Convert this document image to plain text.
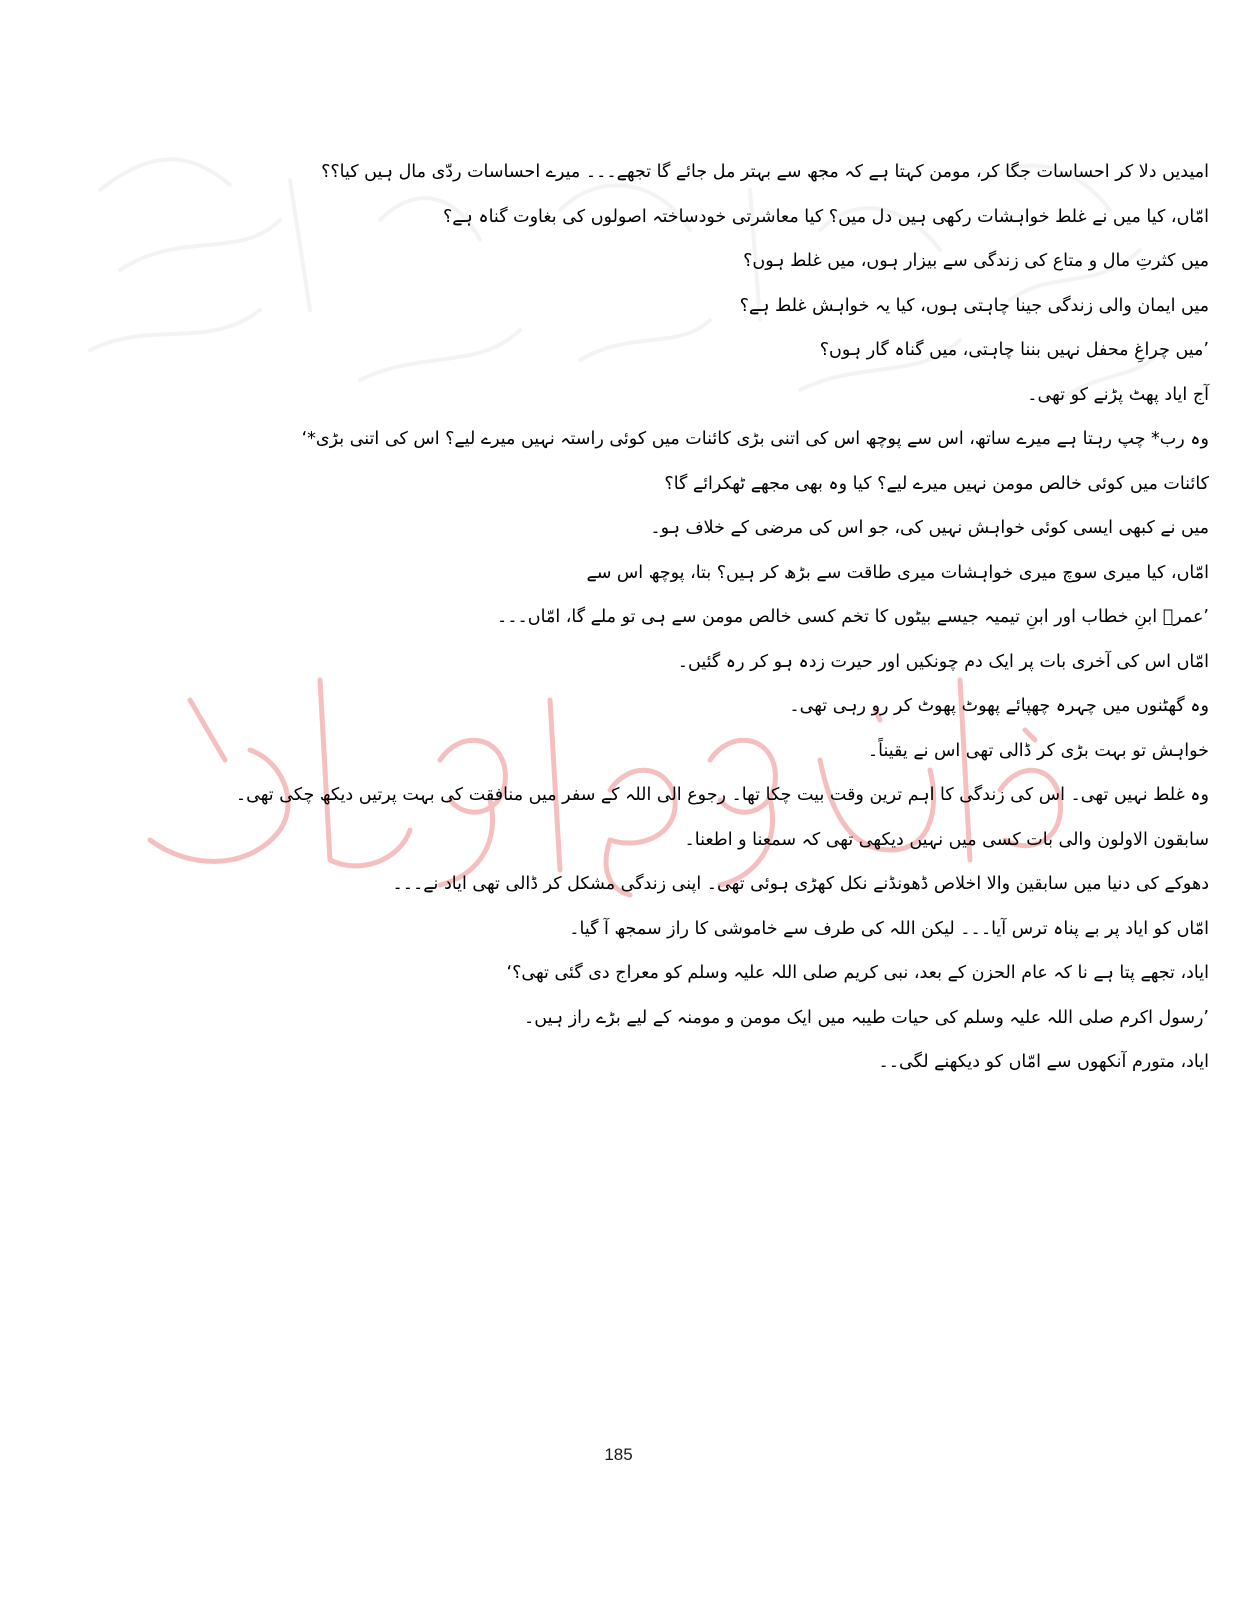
امیدیں دلا کر احساسات جگا کر، مومن کہتا ہے کہ مجھ سے بہتر مل جائے گا تجھے۔۔۔ میرے احساسات ردّی مال ہیں کیا؟؟
امّاں، کیا میں نے غلط خواہشات رکھی ہیں دل میں؟ کیا معاشرتی خودساختہ اصولوں کی بغاوت گناہ ہے؟
میں کثرتِ مال و متاع کی زندگی سے بیزار ہوں، میں غلط ہوں؟
میں ایمان والی زندگی جینا چاہتی ہوں، کیا یہ خواہش غلط ہے؟
’میں چراغِ محفل نہیں بننا چاہتی، میں گناہ گار ہوں؟
آج ایاد پھٹ پڑنے کو تھی۔
وہ رب* چپ رہتا ہے میرے ساتھ، اس سے پوچھ اس کی اتنی بڑی کائنات میں کوئی راستہ نہیں میرے لیے؟ اس کی اتنی بڑی*‘
کائنات میں کوئی خالص مومن نہیں میرے لیے؟ کیا وہ بھی مجھے ٹھکرائے گا؟
میں نے کبھی ایسی کوئی خواہش نہیں کی، جو اس کی مرضی کے خلاف ہو۔
امّاں، کیا میری سوچ میری خواہشات میری طاقت سے بڑھ کر ہیں؟ بتا، پوچھ اس سے
’عمرؓ ابنِ خطاب اور ابنِ تیمیہ جیسے بیٹوں کا تخم کسی خالص مومن سے ہی تو ملے گا، امّاں۔۔۔
امّاں اس کی آخری بات پر ایک دم چونکیں اور حیرت زدہ ہو کر رہ گئیں۔
وہ گھٹنوں میں چہرہ چھپائے پھوٹ پھوٹ کر رو رہی تھی۔
خواہش تو بہت بڑی کر ڈالی تھی اس نے یقیناً۔
وہ غلط نہیں تھی۔ اس کی زندگی کا اہم ترین وقت بیت چکا تھا۔ رجوع الی اللہ کے سفر میں منافقت کی بہت پرتیں دیکھ چکی تھی۔
سابقون الاولون والی بات کسی میں نہیں دیکھی تھی کہ سمعنا و اطعنا۔
دھوکے کی دنیا میں سابقین والا اخلاص ڈھونڈنے نکل کھڑی ہوئی تھی۔ اپنی زندگی مشکل کر ڈالی تھی ایاد نے۔۔۔
امّاں کو ایاد پر بے پناہ ترس آیا۔۔۔ لیکن اللہ کی طرف سے خاموشی کا راز سمجھ آ گیا۔
ایاد، تجھے پتا ہے نا کہ عام الحزن کے بعد، نبی کریم صلی اللہ علیہ وسلم کو معراج دی گئی تھی؟‘
’رسول اکرم صلی اللہ علیہ وسلم کی حیات طیبہ میں ایک مومن و مومنہ کے لیے بڑے راز ہیں۔
ایاد، متورم آنکھوں سے امّاں کو دیکھنے لگی۔۔
185
